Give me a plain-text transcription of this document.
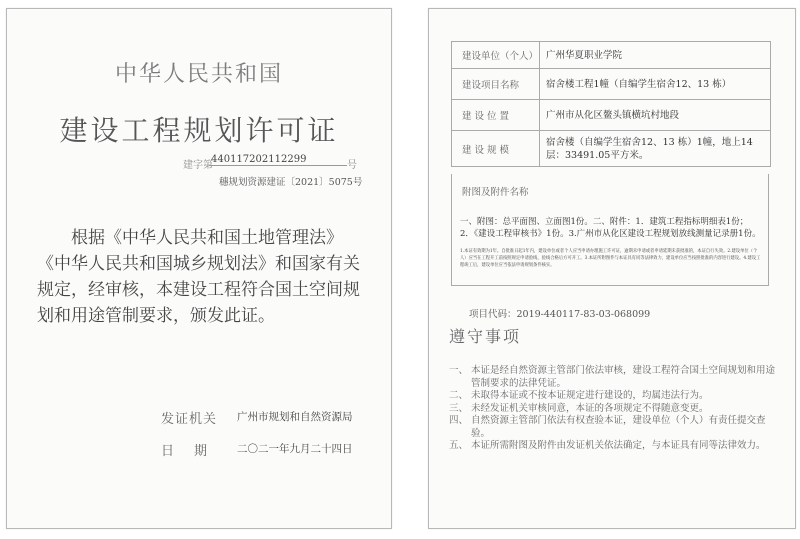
中华人民共和国
建设工程规划许可证
建字第
440117202112299
号
穗规划资源建证〔2021〕5075号
根据《中华人民共和国土地管理法》《中华人民共和国城乡规划法》和国家有关规定，经审核，本建设工程符合国土空间规划和用途管制要求，颁发此证。
发证机关 广州市规划和自然资源局
日期 二〇二一年九月二十四日
建设单位（个人） 广州华夏职业学院
建设项目名称	宿舍楼工程1幢（自编学生宿舍12、13 栋）
建 设 位 置	广州市从化区鳌头镇横坑村地段
建 设 规 模
宿舍楼（自编学生宿舍12、13 栋）1幢，地上14层：33491.05平方米。
附图及附件名称
一、附图：总平面图、立面图1份。二、附件：1．建筑工程指标明细表1份；2．《建设工程审核书》1份。3.广州市从化区建设工程规划放线测量记录册1份。
1.本证有效期为1年。自批准日起1年内，建设单位或者个人应当申请办理施工许可证，逾期未申请或者申请延期未获批准的，本证自行失效。2.建设单位（个人）应当在工程开工前按照规定申请验线，验线合格后方可开工。3.本证所附图件与本证具有同等法律效力，建设单位应当按照批准的内容进行建设。4.建设工程竣工后，建设单位应当依法申请规划条件核实。
项目代码：2019-440117-83-03-068099
遵守事项
一、 本证是经自然资源主管部门依法审核，建设工程符合国土空间规划和用途管制要求的法律凭证。
二、 未取得本证或不按本证规定进行建设的，均属违法行为。
三、 未经发证机关审核同意，本证的各项规定不得随意变更。
四、 自然资源主管部门依法有权查验本证，建设单位（个人）有责任提交查验。
五、 本证所需附图及附件由发证机关依法确定，与本证具有同等法律效力。
